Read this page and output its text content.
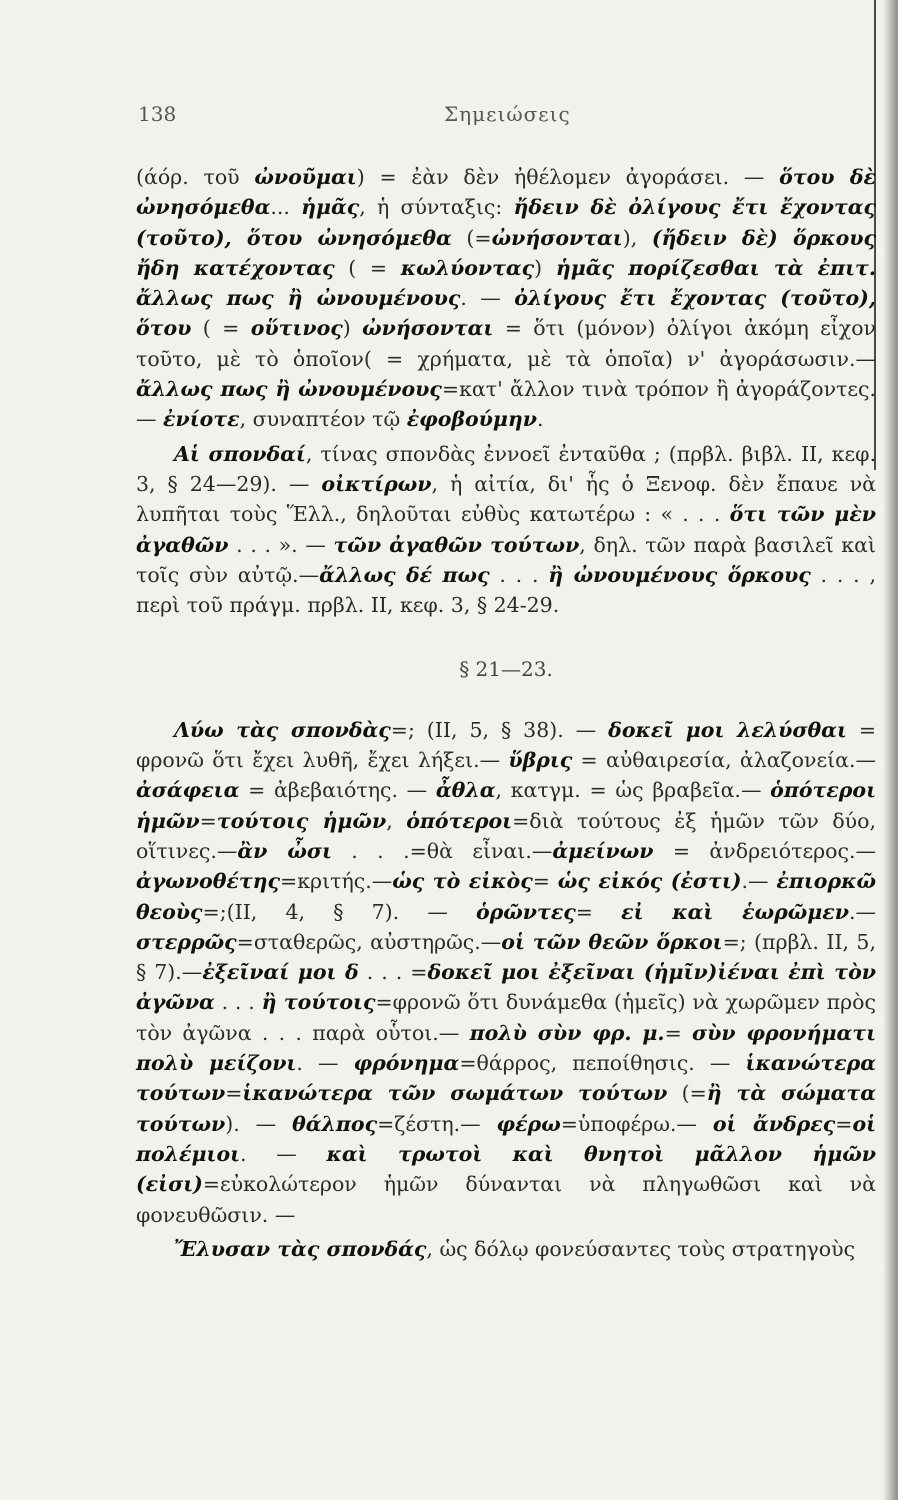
138	Σημειώσεις

(άόρ. τοῦ ὠνοῦμαι) = ἐὰν δὲν ἠθέλομεν ἀγοράσει. — ὅτου δὲ ὠνησόμεθα... ἡμᾶς, ἡ σύνταξις: ἤδειν δὲ ὀλίγους ἔτι ἔχοντας (τοῦτο), ὅτου ὠνησόμεθα (=ὠνήσονται), (ἤδειν δὲ) ὅρκους ἤδη κατέχοντας ( = κωλύοντας) ἡμᾶς πορίζεσθαι τὰ ἐπιτ. ἄλλως πως ἢ ὠνουμένους. — ὀλίγους ἔτι ἔχοντας (τοῦτο), ὅτου ( = οὕτινος) ὠνήσονται = ὅτι (μόνον) ὀλίγοι ἀκόμη εἶχον τοῦτο, μὲ τὸ ὁποῖον( = χρήματα, μὲ τὰ ὁποῖα) ν' ἀγοράσωσιν.— ἄλλως πως ἢ ὠνουμένους=κατ' ἄλλον τινὰ τρόπον ἢ ἀγοράζοντες. — ἐνίοτε, συναπτέον τῷ ἐφοβούμην.

Αἱ σπονδαί, τίνας σπονδὰς ἐννοεῖ ἐνταῦθα ; (πρβλ. βιβλ. ΙΙ, κεφ. 3, § 24—29). — οἰκτίρων, ἡ αἰτία, δι' ἧς ὁ Ξενοφ. δὲν ἔπαυε νὰ λυπῆται τοὺς Ἕλλ., δηλοῦται εὐθὺς κατωτέρω : « . . . ὅτι τῶν μὲν ἀγαθῶν . . . ». — τῶν ἀγαθῶν τούτων, δηλ. τῶν παρὰ βασιλεῖ καὶ τοῖς σὺν αὐτῷ.—ἄλλως δέ πως . . . ἢ ὠνουμένους ὅρκους . . . , περὶ τοῦ πράγμ. πρβλ. ΙΙ, κεφ. 3, § 24-29.

§ 21—23.

Λύω τὰς σπονδὰς=; (ΙΙ, 5, § 38). — δοκεῖ μοι λελύσθαι = φρονῶ ὅτι ἔχει λυθῆ, ἔχει λήξει.— ὕβρις = αὐθαιρεσία, ἀλαζονεία.— ἀσάφεια = ἀβεβαιότης. — ἆθλα, κατγμ. = ὡς βραβεῖα.— ὁπότεροι ἡμῶν=τούτοις ἡμῶν, ὁπότεροι=διὰ τούτους ἐξ ἡμῶν τῶν δύο, οἵτινες.—ἂν ὦσι . . .=θὰ εἶναι.—ἀμείνων = ἀνδρειότερος.—ἀγωνοθέτης=κριτής.—ὡς τὸ εἰκὸς= ὡς εἰκός (ἐστι).— ἐπιορκῶ θεοὺς=;(ΙΙ, 4, § 7). — ὁρῶντες= εἰ καὶ ἑωρῶμεν.— στερρῶς=σταθερῶς, αὐστηρῶς.—οἱ τῶν θεῶν ὅρκοι=; (πρβλ. ΙΙ, 5, § 7).—ἐξεῖναί μοι δ . . . =δοκεῖ μοι ἐξεῖναι (ἡμῖν)ἰέναι ἐπὶ τὸν ἀγῶνα . . . ἢ τούτοις=φρονῶ ὅτι δυνάμεθα (ἡμεῖς) νὰ χωρῶμεν πρὸς τὸν ἀγῶνα . . . παρὰ οὗτοι.— πολὺ σὺν φρ. μ.= σὺν φρονήματι πολὺ μείζονι. — φρόνημα=θάρρος, πεποίθησις. — ἱκανώτερα τούτων=ἱκανώτερα τῶν σωμάτων τούτων (=ἢ τὰ σώματα τούτων). — θάλπος=ζέστη.— φέρω=ὑποφέρω.— οἱ ἄνδρες=οἱ πολέμιοι. — καὶ τρωτοὶ καὶ θνητοὶ μᾶλλον ἡμῶν (εἰσι)=εὐκολώτερον ἡμῶν δύνανται νὰ πληγωθῶσι καὶ νὰ φονευθῶσιν. —

Ἔλυσαν τὰς σπονδάς, ὡς δόλῳ φονεύσαντες τοὺς στρατηγοὺς
